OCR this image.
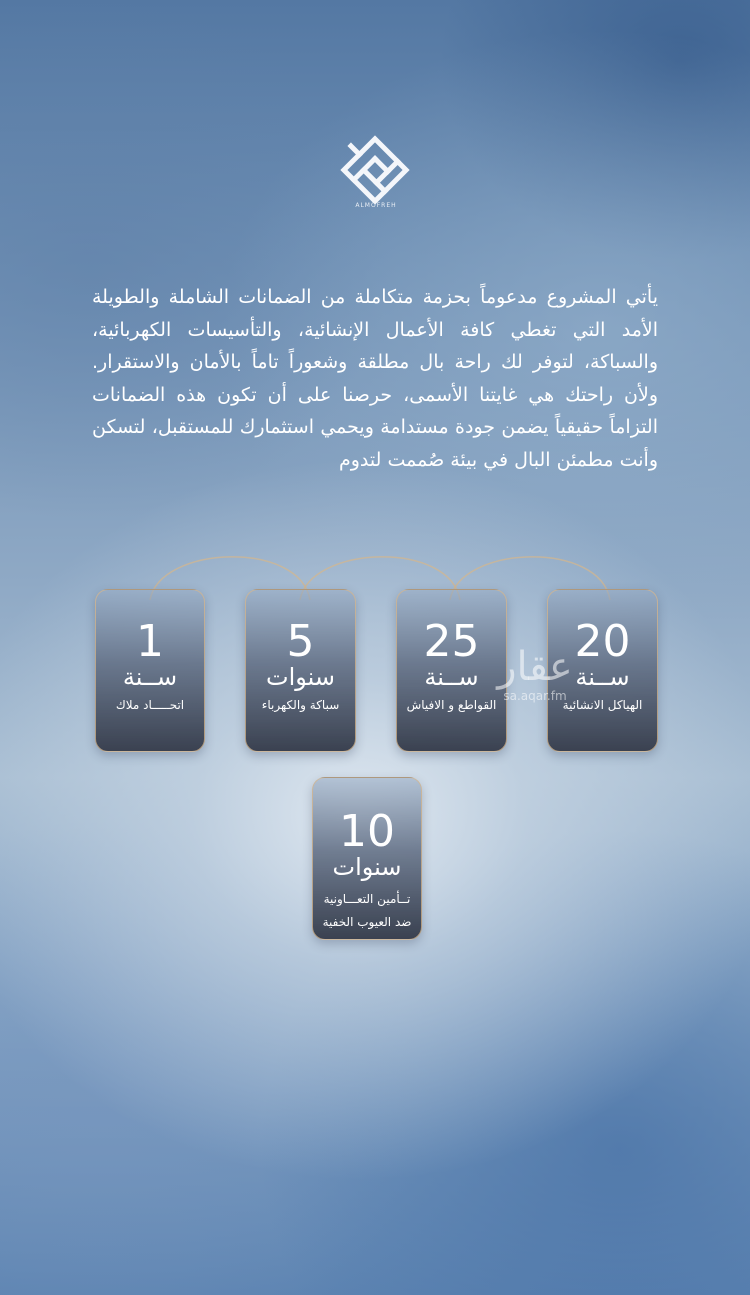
ALMOFREH

يأتي المشروع مدعوماً بحزمة متكاملة من الضمانات الشاملة والطويلة الأمد التي تغطي كافة الأعمال الإنشائية، والتأسيسات الكهربائية، والسباكة، لتوفر لك راحة بال مطلقة وشعوراً تاماً بالأمان والاستقرار. ولأن راحتك هي غايتنا الأسمى، حرصنا على أن تكون هذه الضمانات التزاماً حقيقياً يضمن جودة مستدامة ويحمي استثمارك للمستقبل، لتسكن وأنت مطمئن البال في بيئة صُممت لتدوم

20
ســنة
الهياكل الانشائية
25
ســنة
القواطع و الافياش
5
سنوات
سباكة والكهرباء
1
ســنة
اتحـــــاد ملاك
10
سنوات
تــأمين التعـــاونية
ضد العيوب الخفية
عقار
sa.aqar.fm
